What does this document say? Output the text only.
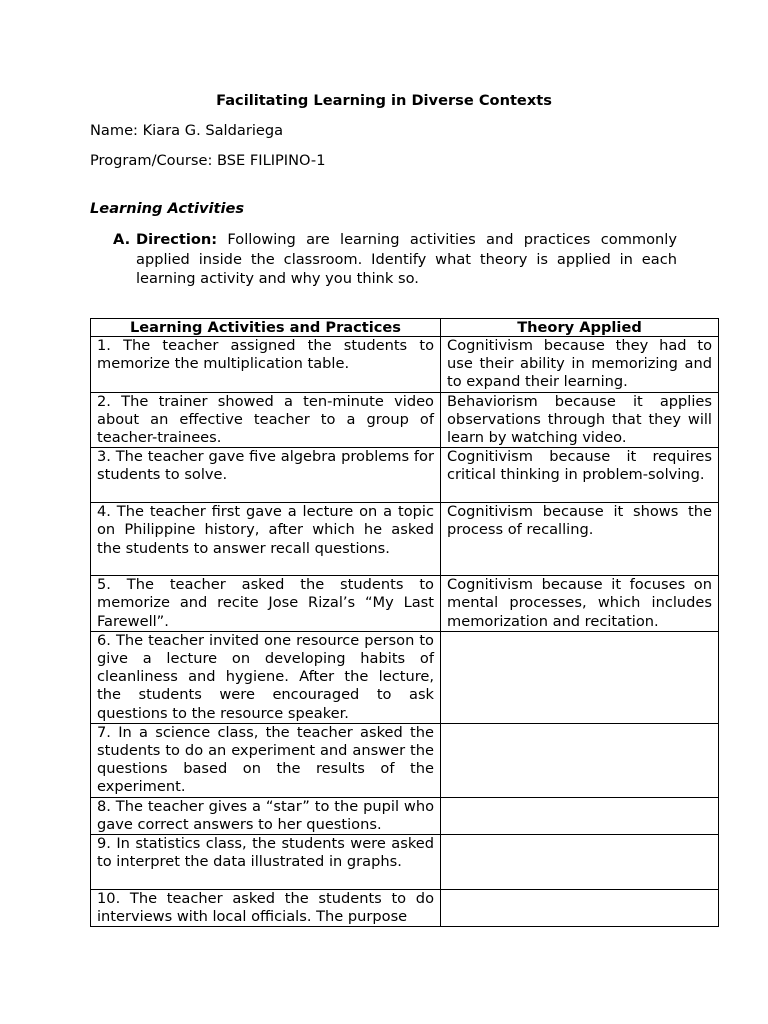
Facilitating Learning in Diverse Contexts
Name: Kiara G. Saldariega
Program/Course: BSE FILIPINO-1
Learning Activities
A. Direction: Following are learning activities and practices commonly applied inside the classroom. Identify what theory is applied in each learning activity and why you think so.
Learning Activities and Practices	Theory Applied
1. The teacher assigned the students to memorize the multiplication table.	Cognitivism because they had to use their ability in memorizing and to expand their learning.
2. The trainer showed a ten-minute video about an effective teacher to a group of teacher-trainees.	Behaviorism because it applies observations through that they will learn by watching video.
3. The teacher gave five algebra problems for students to solve.	Cognitivism because it requires critical thinking in problem-solving.
4. The teacher first gave a lecture on a topic on Philippine history, after which he asked the students to answer recall questions.	Cognitivism because it shows the process of recalling.
5. The teacher asked the students to memorize and recite Jose Rizal’s “My Last Farewell”.	Cognitivism because it focuses on mental processes, which includes memorization and recitation.
6. The teacher invited one resource person to give a lecture on developing habits of cleanliness and hygiene. After the lecture, the students were encouraged to ask questions to the resource speaker.	
7. In a science class, the teacher asked the students to do an experiment and answer the questions based on the results of the experiment.	
8. The teacher gives a “star” to the pupil who gave correct answers to her questions.	
9. In statistics class, the students were asked to interpret the data illustrated in graphs.	
10. The teacher asked the students to do interviews with local officials. The purpose	
